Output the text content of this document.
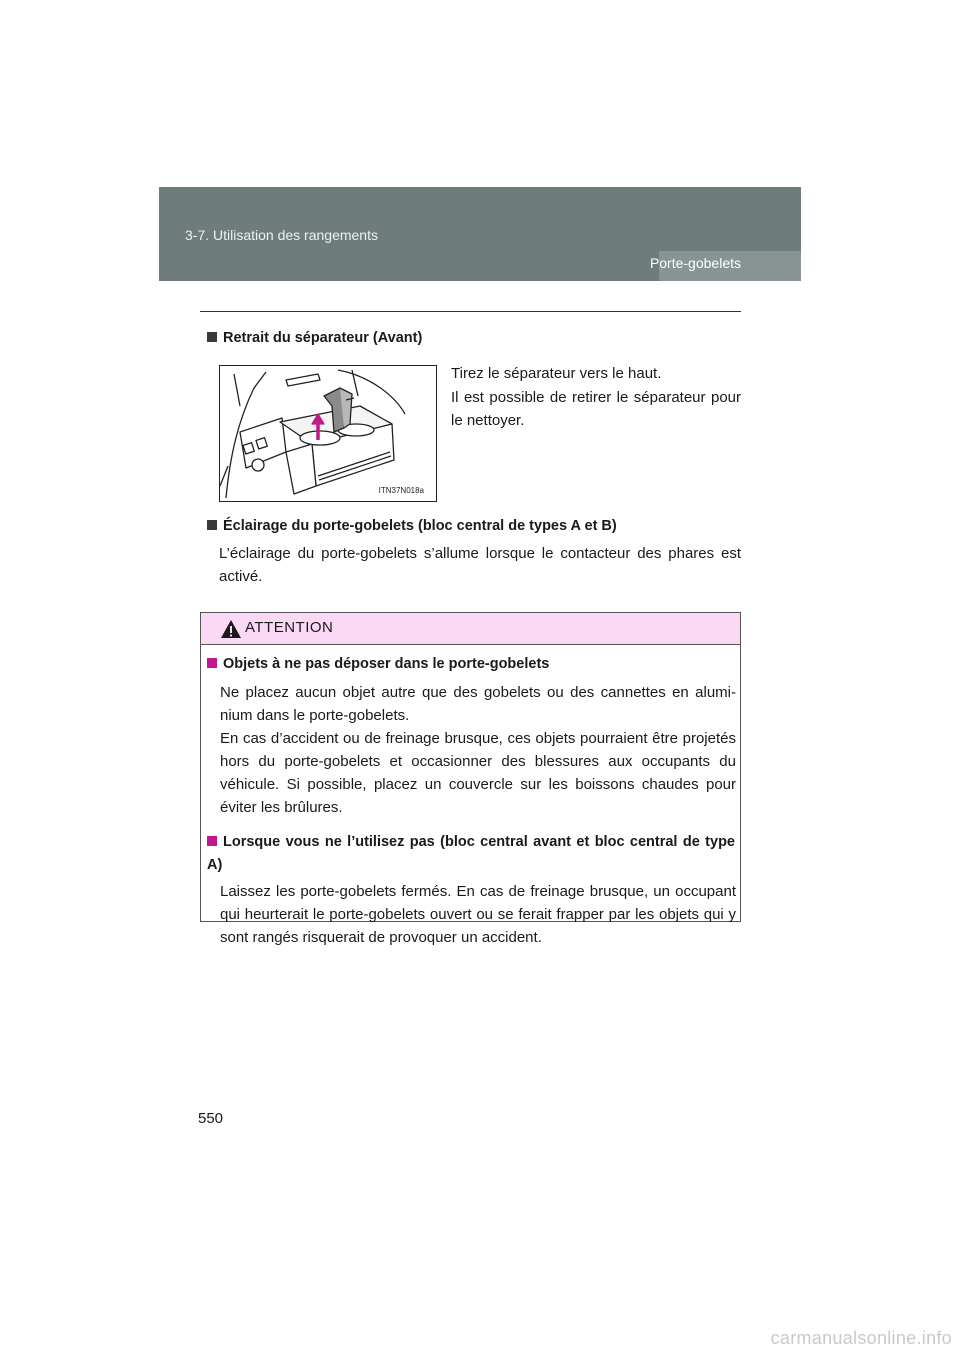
3-7. Utilisation des rangements
Porte-gobelets
Retrait du séparateur (Avant)
Tirez le séparateur vers le haut.
Il est possible de retirer le séparateur pour le nettoyer.
ITN37N018a
Éclairage du porte-gobelets (bloc central de types A et B)
L’éclairage du porte-gobelets s’allume lorsque le contacteur des phares est activé.
ATTENTION
Objets à ne pas déposer dans le porte-gobelets
Ne placez aucun objet autre que des gobelets ou des cannettes en aluminium dans le porte-gobelets.
En cas d’accident ou de freinage brusque, ces objets pourraient être projetés hors du porte-gobelets et occasionner des blessures aux occupants du véhicule. Si possible, placez un couvercle sur les boissons chaudes pour éviter les brûlures.
Lorsque vous ne l’utilisez pas (bloc central avant et bloc central de type A)
Laissez les porte-gobelets fermés. En cas de freinage brusque, un occupant qui heurterait le porte-gobelets ouvert ou se ferait frapper par les objets qui y sont rangés risquerait de provoquer un accident.
550
carmanualsonline.info
